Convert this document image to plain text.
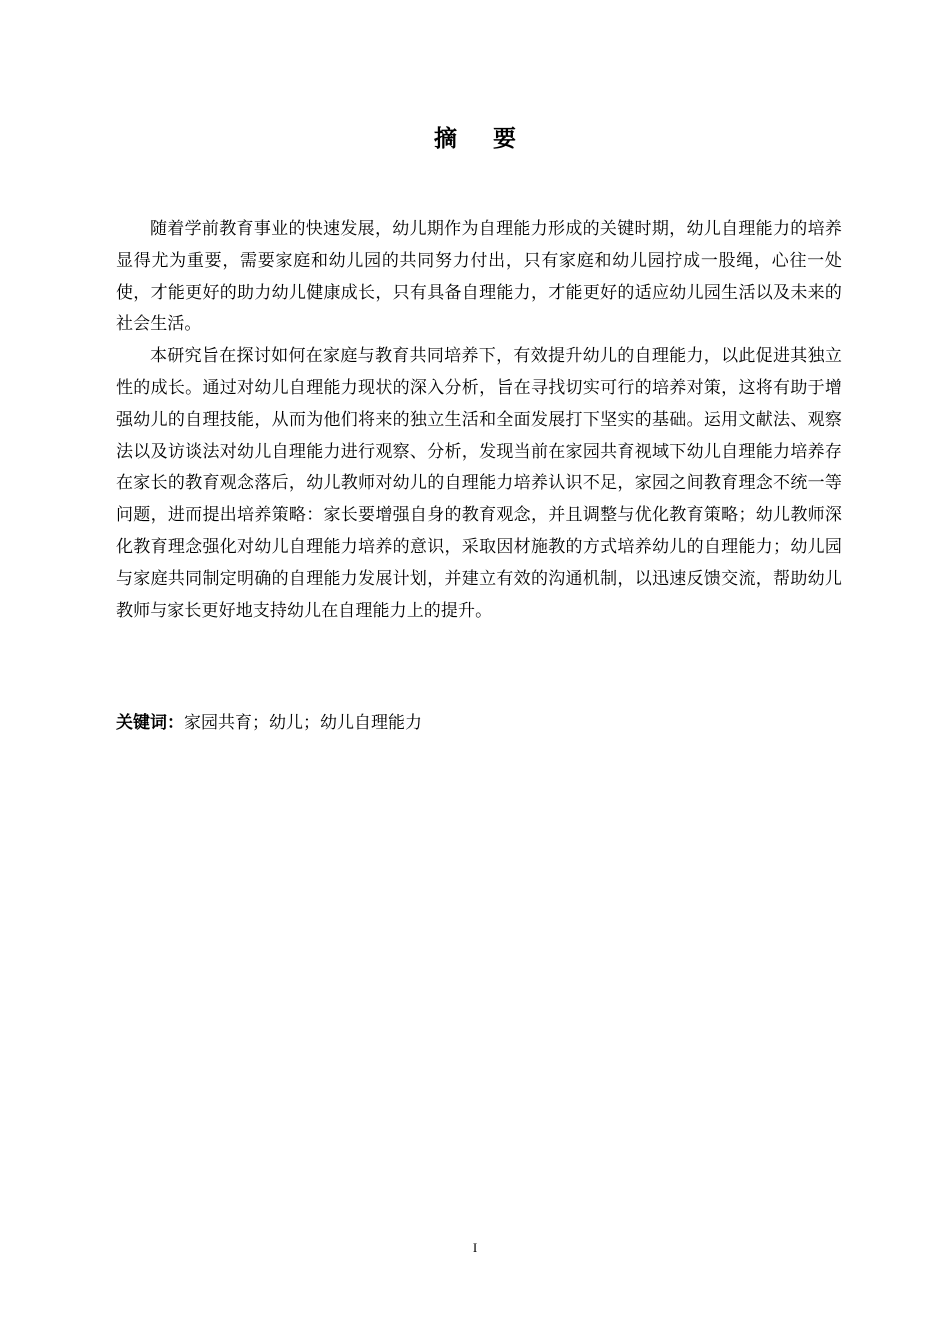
摘要

随着学前教育事业的快速发展，幼儿期作为自理能力形成的关键时期，幼儿自理能力的培养显得尤为重要，需要家庭和幼儿园的共同努力付出，只有家庭和幼儿园拧成一股绳，心往一处使，才能更好的助力幼儿健康成长，只有具备自理能力，才能更好的适应幼儿园生活以及未来的社会生活。

本研究旨在探讨如何在家庭与教育共同培养下，有效提升幼儿的自理能力，以此促进其独立性的成长。通过对幼儿自理能力现状的深入分析，旨在寻找切实可行的培养对策，这将有助于增强幼儿的自理技能，从而为他们将来的独立生活和全面发展打下坚实的基础。运用文献法、观察法以及访谈法对幼儿自理能力进行观察、分析，发现当前在家园共育视域下幼儿自理能力培养存在家长的教育观念落后，幼儿教师对幼儿的自理能力培养认识不足，家园之间教育理念不统一等问题，进而提出培养策略：家长要增强自身的教育观念，并且调整与优化教育策略；幼儿教师深化教育理念强化对幼儿自理能力培养的意识，采取因材施教的方式培养幼儿的自理能力；幼儿园与家庭共同制定明确的自理能力发展计划，并建立有效的沟通机制，以迅速反馈交流，帮助幼儿教师与家长更好地支持幼儿在自理能力上的提升。

关键词：家园共育；幼儿；幼儿自理能力
I
